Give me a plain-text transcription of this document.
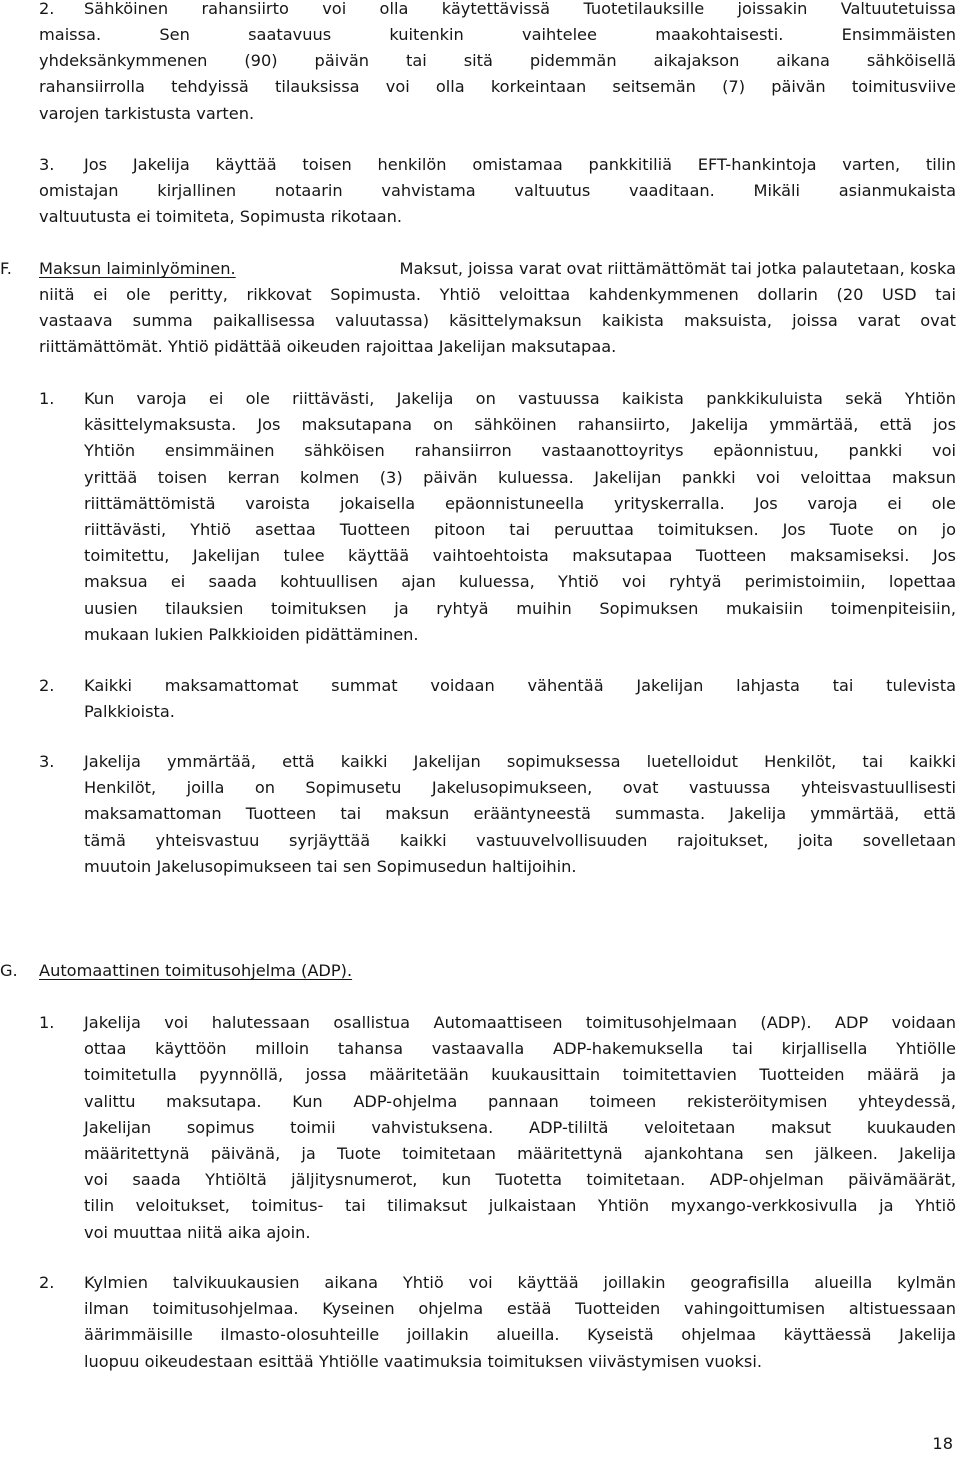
2. Sähköinen rahansiirto voi olla käytettävissä Tuotetilauksille joissakin Valtuutetuissa
maissa. Sen saatavuus kuitenkin vaihtelee maakohtaisesti. Ensimmäisten
yhdeksänkymmenen (90) päivän tai sitä pidemmän aikajakson aikana sähköisellä
rahansiirrolla tehdyissä tilauksissa voi olla korkeintaan seitsemän (7) päivän toimitusviive
varojen tarkistusta varten.
3. Jos Jakelija käyttää toisen henkilön omistamaa pankkitiliä EFT-hankintoja varten, tilin
omistajan kirjallinen notaarin vahvistama valtuutus vaaditaan. Mikäli asianmukaista
valtuutusta ei toimiteta, Sopimusta rikotaan.
F. Maksun laiminlyöminen.	Maksut, joissa varat ovat riittämättömät tai jotka palautetaan, koska
niitä ei ole peritty, rikkovat Sopimusta. Yhtiö veloittaa kahdenkymmenen dollarin (20 USD tai
vastaava summa paikallisessa valuutassa) käsittelymaksun kaikista maksuista, joissa varat ovat
riittämättömät. Yhtiö pidättää oikeuden rajoittaa Jakelijan maksutapaa.
1. Kun varoja ei ole riittävästi, Jakelija on vastuussa kaikista pankkikuluista sekä Yhtiön
käsittelymaksusta. Jos maksutapana on sähköinen rahansiirto, Jakelija ymmärtää, että jos
Yhtiön ensimmäinen sähköisen rahansiirron vastaanottoyritys epäonnistuu, pankki voi
yrittää toisen kerran kolmen (3) päivän kuluessa. Jakelijan pankki voi veloittaa maksun
riittämättömistä varoista jokaisella epäonnistuneella yrityskerralla. Jos varoja ei ole
riittävästi, Yhtiö asettaa Tuotteen pitoon tai peruuttaa toimituksen. Jos Tuote on jo
toimitettu, Jakelijan tulee käyttää vaihtoehtoista maksutapaa Tuotteen maksamiseksi. Jos
maksua ei saada kohtuullisen ajan kuluessa, Yhtiö voi ryhtyä perimistoimiin, lopettaa
uusien tilauksien toimituksen ja ryhtyä muihin Sopimuksen mukaisiin toimenpiteisiin,
mukaan lukien Palkkioiden pidättäminen.
2. Kaikki maksamattomat summat voidaan vähentää Jakelijan lahjasta tai tulevista
Palkkioista.
3. Jakelija ymmärtää, että kaikki Jakelijan sopimuksessa luetelloidut Henkilöt, tai kaikki
Henkilöt, joilla on Sopimusetu Jakelusopimukseen, ovat vastuussa yhteisvastuullisesti
maksamattoman Tuotteen tai maksun erääntyneestä summasta. Jakelija ymmärtää, että
tämä yhteisvastuu syrjäyttää kaikki vastuuvelvollisuuden rajoitukset, joita sovelletaan
muutoin Jakelusopimukseen tai sen Sopimusedun haltijoihin.
G. Automaattinen toimitusohjelma (ADP).
1. Jakelija voi halutessaan osallistua Automaattiseen toimitusohjelmaan (ADP). ADP voidaan
ottaa käyttöön milloin tahansa vastaavalla ADP-hakemuksella tai kirjallisella Yhtiölle
toimitetulla pyynnöllä, jossa määritetään kuukausittain toimitettavien Tuotteiden määrä ja
valittu maksutapa. Kun ADP-ohjelma pannaan toimeen rekisteröitymisen yhteydessä,
Jakelijan sopimus toimii vahvistuksena. ADP-tililtä veloitetaan maksut kuukauden
määritettynä päivänä, ja Tuote toimitetaan määritettynä ajankohtana sen jälkeen. Jakelija
voi saada Yhtiöltä jäljitysnumerot, kun Tuotetta toimitetaan. ADP-ohjelman päivämäärät,
tilin veloitukset, toimitus- tai tilimaksut julkaistaan Yhtiön myxango-verkkosivulla ja Yhtiö
voi muuttaa niitä aika ajoin.
2. Kylmien talvikuukausien aikana Yhtiö voi käyttää joillakin geografisilla alueilla kylmän
ilman toimitusohjelmaa. Kyseinen ohjelma estää Tuotteiden vahingoittumisen altistuessaan
äärimmäisille ilmasto-olosuhteille joillakin alueilla. Kyseistä ohjelmaa käyttäessä Jakelija
luopuu oikeudestaan esittää Yhtiölle vaatimuksia toimituksen viivästymisen vuoksi.
18
